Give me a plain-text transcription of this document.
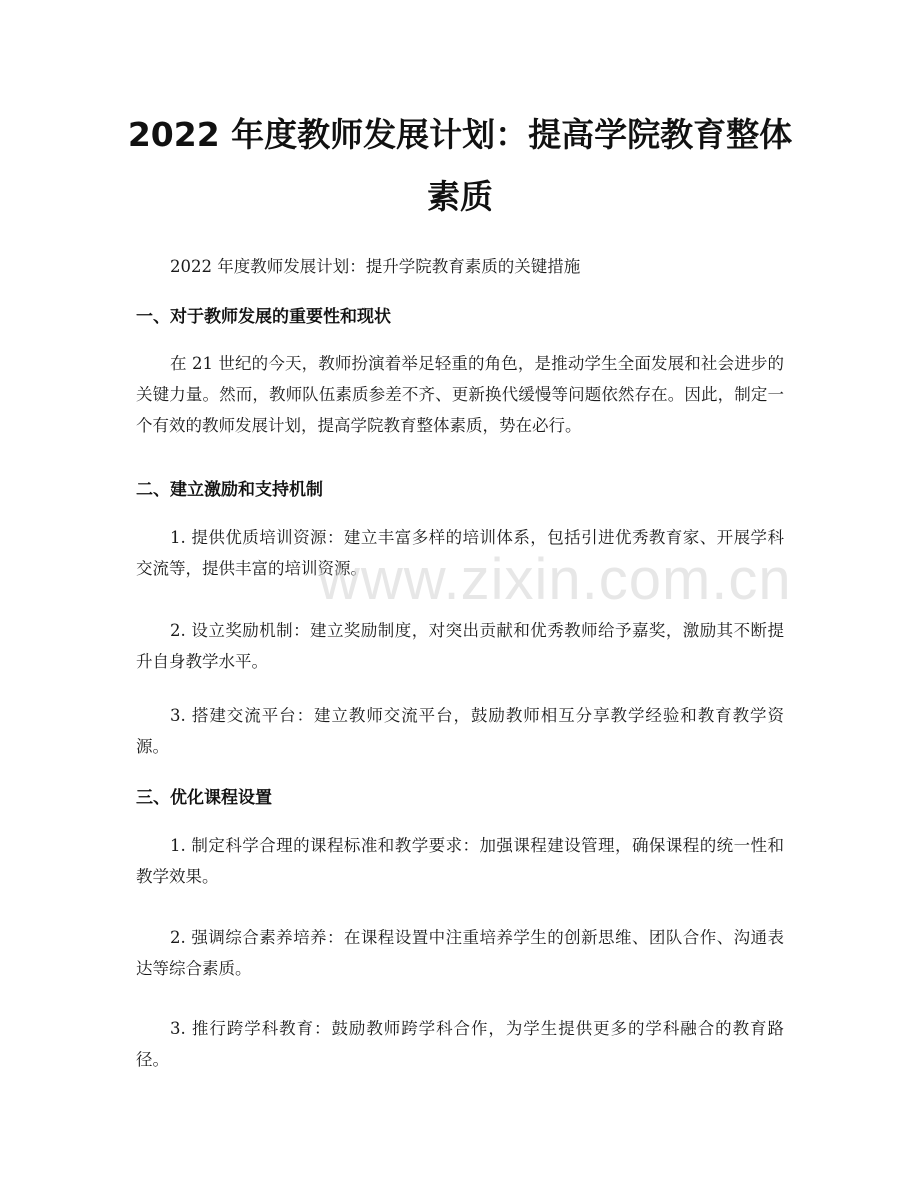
2022 年度教师发展计划：提高学院教育整体素质

2022 年度教师发展计划：提升学院教育素质的关键措施

一、对于教师发展的重要性和现状

在 21 世纪的今天，教师扮演着举足轻重的角色，是推动学生全面发展和社会进步的关键力量。然而，教师队伍素质参差不齐、更新换代缓慢等问题依然存在。因此，制定一个有效的教师发展计划，提高学院教育整体素质，势在必行。

二、建立激励和支持机制

1. 提供优质培训资源：建立丰富多样的培训体系，包括引进优秀教育家、开展学科交流等，提供丰富的培训资源。

2. 设立奖励机制：建立奖励制度，对突出贡献和优秀教师给予嘉奖，激励其不断提升自身教学水平。

3. 搭建交流平台：建立教师交流平台，鼓励教师相互分享教学经验和教育教学资源。

三、优化课程设置

1. 制定科学合理的课程标准和教学要求：加强课程建设管理，确保课程的统一性和教学效果。

2. 强调综合素养培养：在课程设置中注重培养学生的创新思维、团队合作、沟通表达等综合素质。

3. 推行跨学科教育：鼓励教师跨学科合作，为学生提供更多的学科融合的教育路径。

www.zixin.com.cn
